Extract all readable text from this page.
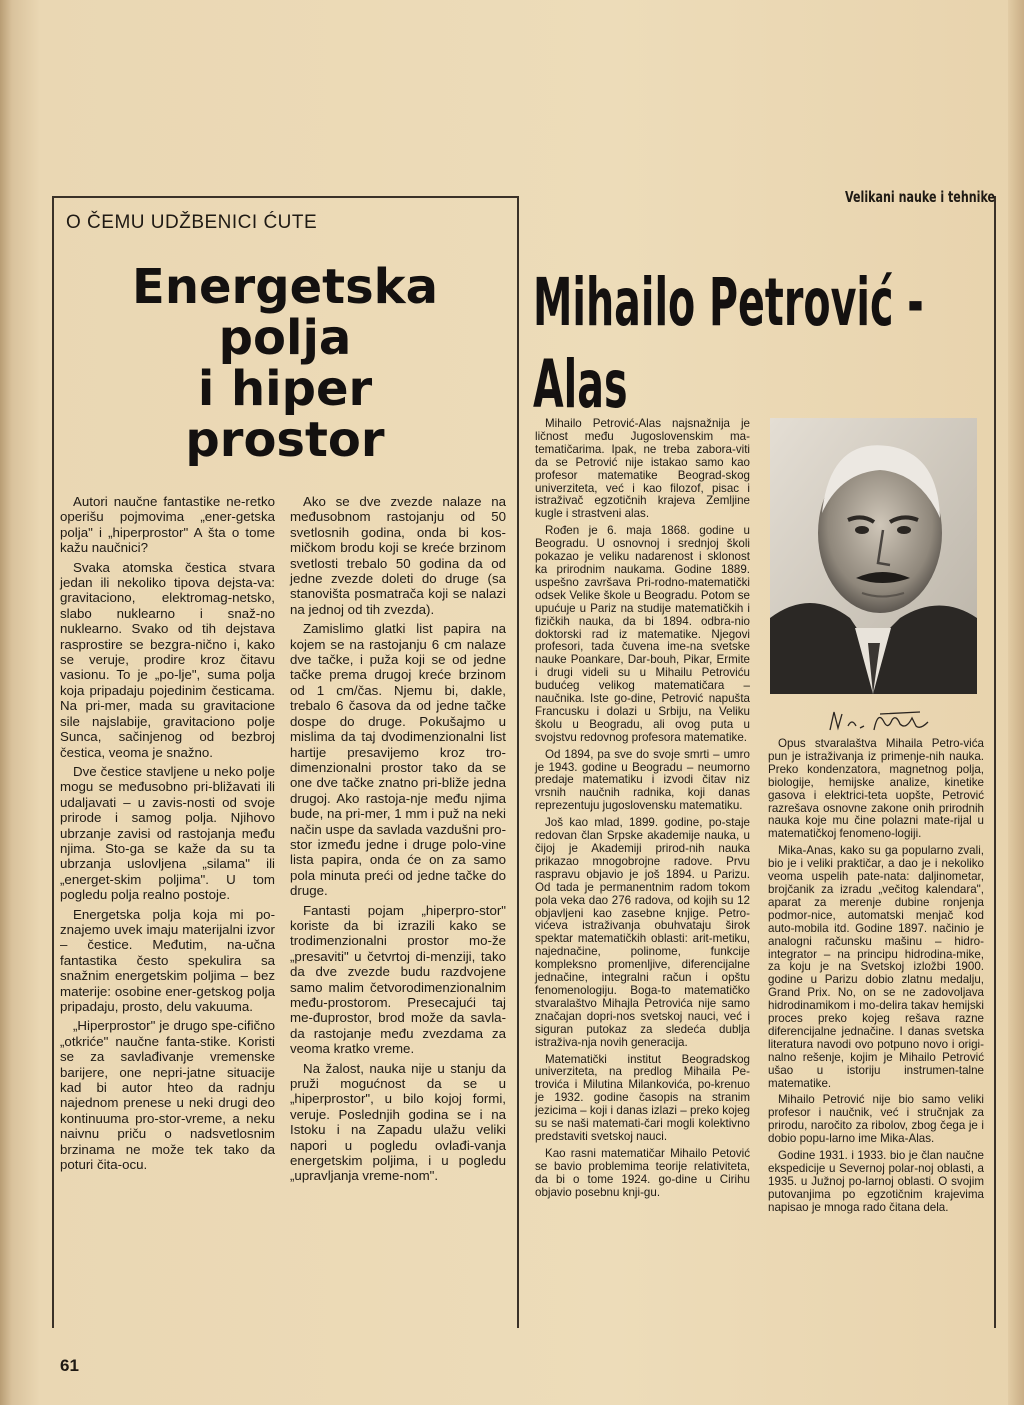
O ČEMU UDŽBENICI ĆUTE
Energetska
polja
i hiper
prostor
Velikani nauke i tehnike
Mihailo Petrović -
Alas

Autori naučne fantastike ne-retko operišu pojmovima „ener-getska polja" i „hiperprostor" A šta o tome kažu naučnici?

Svaka atomska čestica stvara jedan ili nekoliko tipova dejsta-va: gravitaciono, elektromag-netsko, slabo nuklearno i snaž-no nuklearno. Svako od tih dejstava rasprostire se bezgra-nično i, kako se veruje, prodire kroz čitavu vasionu. To je „po-lje", suma polja koja pripadaju pojedinim česticama. Na pri-mer, mada su gravitacione sile najslabije, gravitaciono polje Sunca, sačinjenog od bezbroj čestica, veoma je snažno.

Dve čestice stavljene u neko polje mogu se međusobno pri-bližavati ili udaljavati – u zavis-nosti od svoje prirode i samog polja. Njihovo ubrzanje zavisi od rastojanja među njima. Sto-ga se kaže da su ta ubrzanja uslovljena „silama" ili „energet-skim poljima". U tom pogledu polja realno postoje.

Energetska polja koja mi po-znajemo uvek imaju materijalni izvor – čestice. Međutim, na-učna fantastika često spekulira sa snažnim energetskim poljima – bez materije: osobine ener-getskog polja pripadaju, prosto, delu vakuuma.

„Hiperprostor" je drugo spe-cifično „otkriće" naučne fanta-stike. Koristi se za savlađivanje vremenske barijere, one nepri-jatne situacije kad bi autor hteo da radnju najednom prenese u neki drugi deo kontinuuma pro-stor-vreme, a neku naivnu priču o nadsvetlosnim brzinama ne može tek tako da poturi čita-ocu.

Ako se dve zvezde nalaze na međusobnom rastojanju od 50 svetlosnih godina, onda bi kos-mičkom brodu koji se kreće brzinom svetlosti trebalo 50 godina da od jedne zvezde doleti do druge (sa stanovišta posmatrača koji se nalazi na jednoj od tih zvezda).

Zamislimo glatki list papira na kojem se na rastojanju 6 cm nalaze dve tačke, i puža koji se od jedne tačke prema drugoj kreće brzinom od 1 cm/čas. Njemu bi, dakle, trebalo 6 časova da od jedne tačke dospe do druge. Pokušajmo u mislima da taj dvodimenzionalni list hartije presavijemo kroz tro-dimenzionalni prostor tako da se one dve tačke znatno pri-bliže jedna drugoj. Ako rastoja-nje među njima bude, na pri-mer, 1 mm i puž na neki način uspe da savlada vazdušni pro-stor između jedne i druge polo-vine lista papira, onda će on za samo pola minuta preći od jedne tačke do druge.

Fantasti pojam „hiperpro-stor" koriste da bi izrazili kako se trodimenzionalni prostor mo-že „presaviti" u četvrtoj di-menziji, tako da dve zvezde budu razdvojene samo malim četvorodimenzionalnim među-prostorom. Presecajući taj me-đuprostor, brod može da savla-da rastojanje među zvezdama za veoma kratko vreme.

Na žalost, nauka nije u stanju da pruži mogućnost da se u „hiperprostor", u bilo kojoj formi, veruje. Poslednjih godina se i na Istoku i na Zapadu ulažu veliki napori u pogledu ovlađi-vanja energetskim poljima, i u pogledu „upravljanja vreme-nom".

Mihailo Petrović-Alas najsnažnija je ličnost među Jugoslovenskim ma-tematičarima. Ipak, ne treba zabora-viti da se Petrović nije istakao samo kao profesor matematike Beograd-skog univerziteta, već i kao filozof, pisac i istraživač egzotičnih krajeva Zemljine kugle i strastveni alas.

Rođen je 6. maja 1868. godine u Beogradu. U osnovnoj i srednjoj školi pokazao je veliku nadarenost i sklonost ka prirodnim naukama. Godine 1889. uspešno završava Pri-rodno-matematički odsek Velike škole u Beogradu. Potom se upućuje u Pariz na studije matematičkih i fizičkih nauka, da bi 1894. odbra-nio doktorski rad iz matematike. Njegovi profesori, tada čuvena ime-na svetske nauke Poankare, Dar-bouh, Pikar, Ermite i drugi videli su u Mihailu Petroviću budućeg velikog matematičara – naučnika. Iste go-dine, Petrović napušta Francusku i dolazi u Srbiju, na Veliku školu u Beogradu, ali ovog puta u svojstvu redovnog profesora matematike.

Od 1894, pa sve do svoje smrti – umro je 1943. godine u Beogradu – neumorno predaje matematiku i izvodi čitav niz vrsnih naučnih radnika, koji danas reprezentuju jugoslovensku matematiku.

Još kao mlad, 1899. godine, po-staje redovan član Srpske akademije nauka, u čijoj je Akademiji prirod-nih nauka prikazao mnogobrojne radove. Prvu raspravu objavio je još 1894. u Parizu. Od tada je permanentnim radom tokom pola veka dao 276 radova, od kojih su 12 objavljeni kao zasebne knjige. Petro-vićeva istraživanja obuhvataju širok spektar matematičkih oblasti: arit-metiku, najednačine, polinome, funkcije kompleksno promenljive, diferencijalne jednačine, integralni račun i opštu fenomenologiju. Boga-to matematičko stvaralaštvo Mihajla Petrovića nije samo značajan dopri-nos svetskoj nauci, već i siguran putokaz za sledeća dublja istraživa-nja novih generacija.

Matematički institut Beogradskog univerziteta, na predlog Mihaila Pe-trovića i Milutina Milankovića, po-krenuo je 1932. godine časopis na stranim jezicima – koji i danas izlazi – preko kojeg su se naši matemati-čari mogli kolektivno predstaviti svetskoj nauci.

Kao rasni matematičar Mihailo Petović se bavio problemima teorije relativiteta, da bi o tome 1924. go-dine u Cirihu objavio posebnu knji-gu.

Opus stvaralaštva Mihaila Petro-vića pun je istraživanja iz primenje-nih nauka. Preko kondenzatora, magnetnog polja, biologije, hemijske analize, kinetike gasova i elektrici-teta uopšte, Petrović razrešava osnovne zakone onih prirodnih nauka koje mu čine polazni mate-rijal u matematičkoj fenomeno-logiji.

Mika-Anas, kako su ga popularno zvali, bio je i veliki praktičar, a dao je i nekoliko veoma uspelih pate-nata: daljinometar, brojčanik za izradu „večitog kalendara", aparat za merenje dubine ronjenja podmor-nice, automatski menjač kod auto-mobila itd. Godine 1897. načinio je analogni računsku mašinu – hidro-integrator – na principu hidrodina-mike, za koju je na Svetskoj izložbi 1900. godine u Parizu dobio zlatnu medalju, Grand Prix. No, on se ne zadovoljava hidrodinamikom i mo-delira takav hemijski proces preko kojeg rešava razne diferencijalne jednačine. I danas svetska literatura navodi ovo potpuno novo i origi-nalno rešenje, kojim je Mihailo Petrović ušao u istoriju instrumen-talne matematike.

Mihailo Petrović nije bio samo veliki profesor i naučnik, već i stručnjak za prirodu, naročito za ribolov, zbog čega je i dobio popu-larno ime Mika-Alas.

Godine 1931. i 1933. bio je član naučne ekspedicije u Severnoj polar-noj oblasti, a 1935. u Južnoj po-larnoj oblasti. O svojim putovanjima po egzotičnim krajevima napisao je mnoga rado čitana dela.

61
